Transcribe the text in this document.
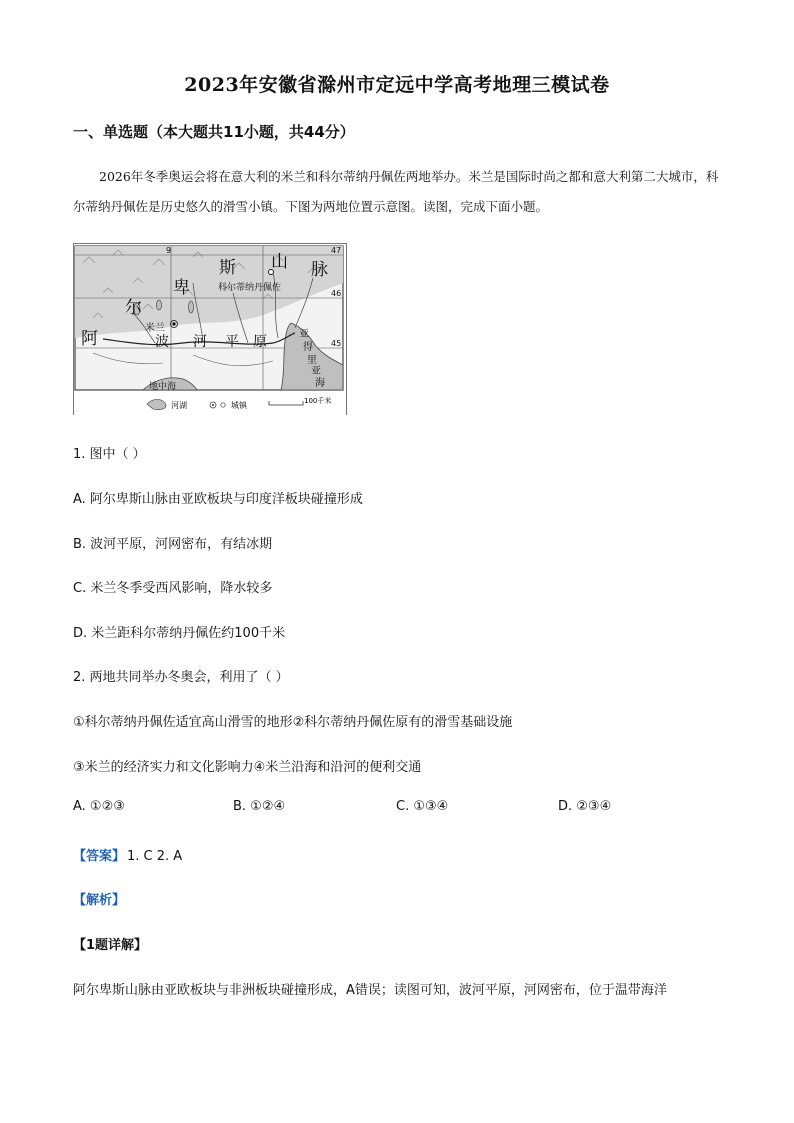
2023年安徽省滁州市定远中学高考地理三模试卷
一、单选题（本大题共11小题，共44分）
2026年冬季奥运会将在意大利的米兰和科尔蒂纳丹佩佐两地举办。米兰是国际时尚之都和意大利第二大城市，科尔蒂纳丹佩佐是历史悠久的滑雪小镇。下图为两地位置示意图。读图，完成下面小题。
阿
尔
卑
斯 山 脉
科尔蒂纳丹佩佐
米兰
波 河 平 原	亚
得
里
亚
海
地中海
47
46
45
9
河湖	城镇	100千米
1. 图中（ ）
A. 阿尔卑斯山脉由亚欧板块与印度洋板块碰撞形成
B. 波河平原，河网密布，有结冰期
C. 米兰冬季受西风影响，降水较多
D. 米兰距科尔蒂纳丹佩佐约100千米
2. 两地共同举办冬奥会，利用了（ ）
①科尔蒂纳丹佩佐适宜高山滑雪的地形②科尔蒂纳丹佩佐原有的滑雪基础设施
③米兰的经济实力和文化影响力④米兰沿海和沿河的便利交通
A. ①②③	B. ①②④	C. ①③④	D. ②③④
【答案】 1. C 2. A
【解析】
【1题详解】
阿尔卑斯山脉由亚欧板块与非洲板块碰撞形成，A错误；读图可知，波河平原，河网密布，位于温带海洋
